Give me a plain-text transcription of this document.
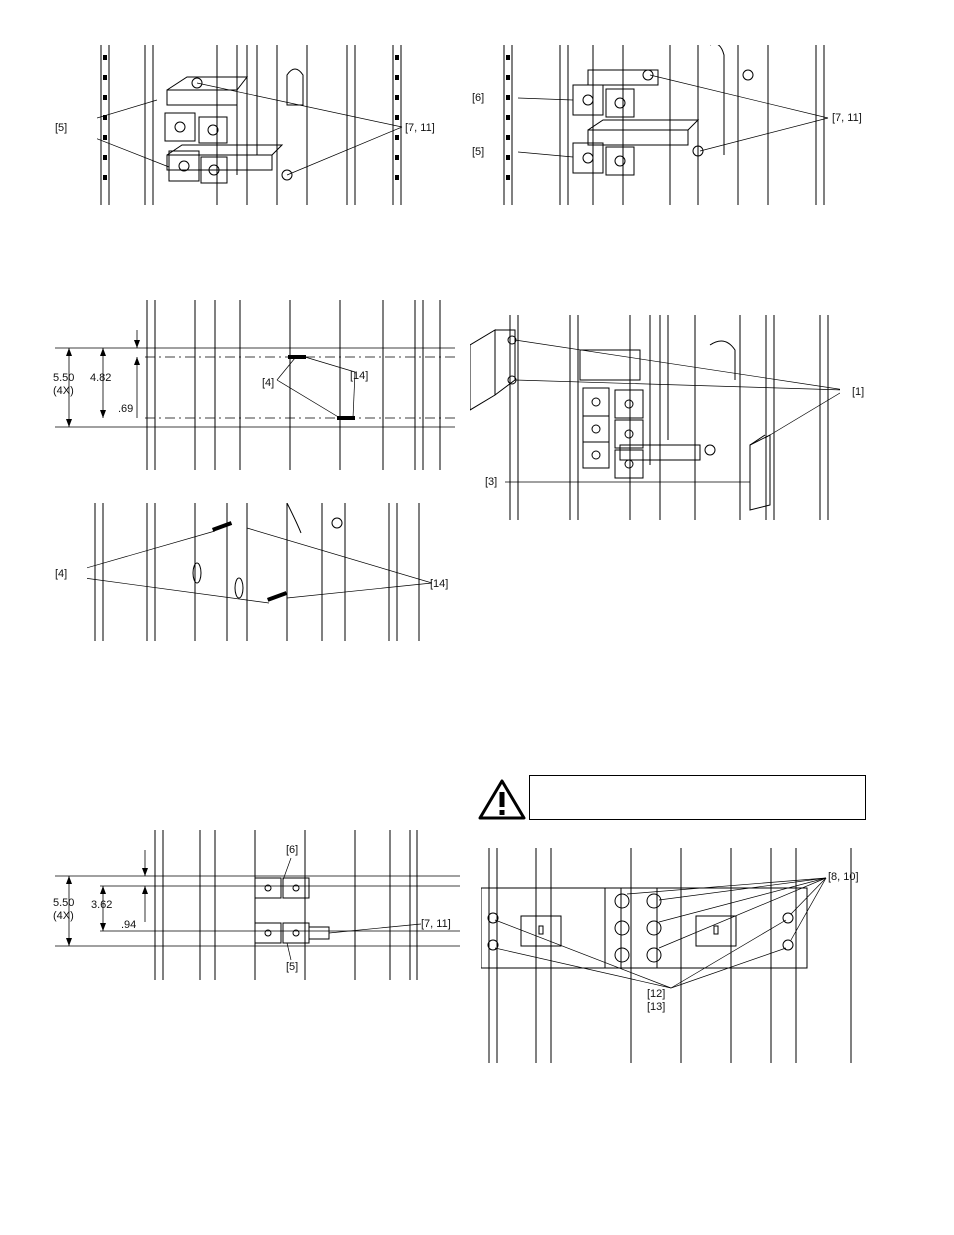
[5]	[7, 11]
[6]
[5]
[7, 11]
5.50
(4X)
4.82
.69
[4]
[14]
[4]
[14]
[1]
[3]
5.50
(4X)
3.62
.94
[6]
[5]
[7, 11]
[8, 10]
[12]
[13]
